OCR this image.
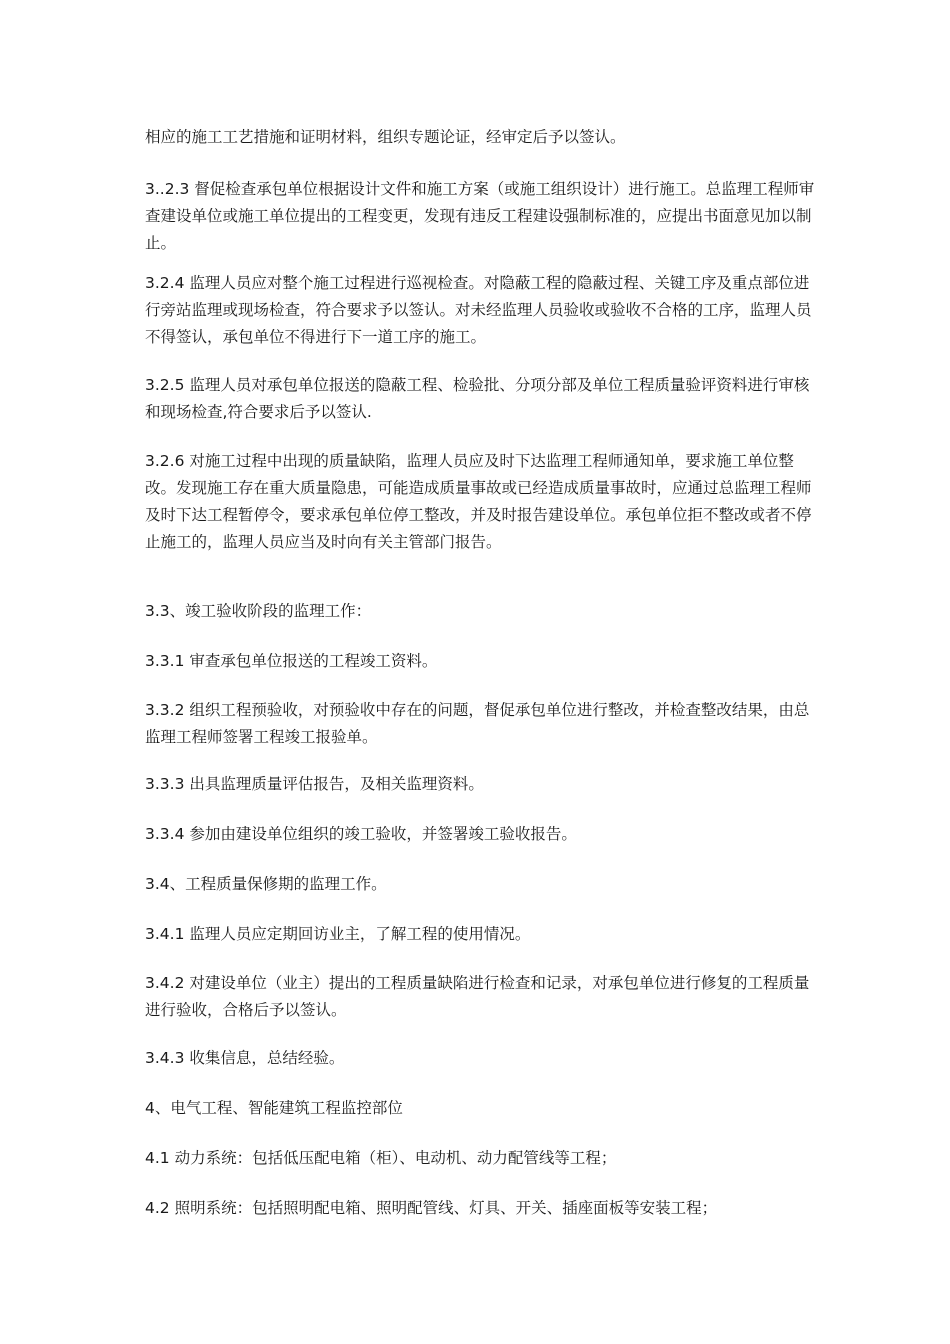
相应的施工工艺措施和证明材料，组织专题论证，经审定后予以签认。

3..2.3 督促检查承包单位根据设计文件和施工方案（或施工组织设计）进行施工。总监理工程师审查建设单位或施工单位提出的工程变更，发现有违反工程建设强制标准的，应提出书面意见加以制止。

3.2.4 监理人员应对整个施工过程进行巡视检查。对隐蔽工程的隐蔽过程、关键工序及重点部位进行旁站监理或现场检查，符合要求予以签认。对未经监理人员验收或验收不合格的工序，监理人员不得签认，承包单位不得进行下一道工序的施工。

3.2.5 监理人员对承包单位报送的隐蔽工程、检验批、分项分部及单位工程质量验评资料进行审核和现场检查,符合要求后予以签认.

3.2.6 对施工过程中出现的质量缺陷，监理人员应及时下达监理工程师通知单，要求施工单位整改。发现施工存在重大质量隐患，可能造成质量事故或已经造成质量事故时，应通过总监理工程师及时下达工程暂停令，要求承包单位停工整改，并及时报告建设单位。承包单位拒不整改或者不停止施工的，监理人员应当及时向有关主管部门报告。

3.3、竣工验收阶段的监理工作：

3.3.1 审查承包单位报送的工程竣工资料。

3.3.2 组织工程预验收，对预验收中存在的问题，督促承包单位进行整改，并检查整改结果，由总监理工程师签署工程竣工报验单。

3.3.3 出具监理质量评估报告，及相关监理资料。

3.3.4 参加由建设单位组织的竣工验收，并签署竣工验收报告。

3.4、工程质量保修期的监理工作。

3.4.1 监理人员应定期回访业主，了解工程的使用情况。

3.4.2 对建设单位（业主）提出的工程质量缺陷进行检查和记录，对承包单位进行修复的工程质量进行验收，合格后予以签认。

3.4.3 收集信息，总结经验。

4、电气工程、智能建筑工程监控部位

4.1 动力系统：包括低压配电箱（柜）、电动机、动力配管线等工程；

4.2 照明系统：包括照明配电箱、照明配管线、灯具、开关、插座面板等安装工程；
